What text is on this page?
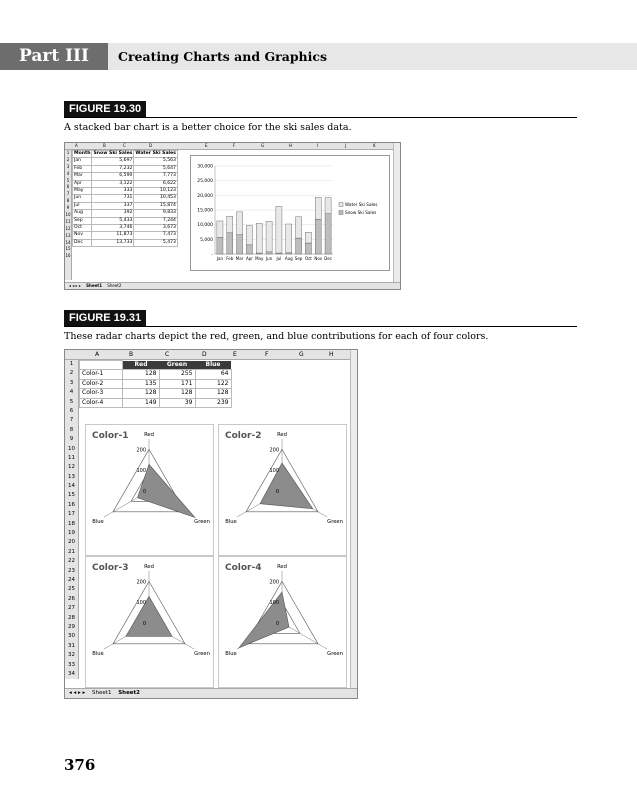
Part III	Creating Charts and Graphics
FIGURE 19.30
A stacked bar chart is a better choice for the ski sales data.
A	B	C	D	E	F	G	H	I	J	K
1
2
3
4
5
6
7
8
9
10
11
12
13
14
15
16
Month	Snow Ski Sales	Water Ski Sales
Jan	5,697	5,563
Feb	7,232	5,647
Mar	6,590	7,773
Apr	3,122	6,622
May	333	10,123
Jun	731	10,453
Jul	337	15,874
Aug	392	9,833
Sep	5,433	7,244
Oct	3,746	3,673
Nov	11,873	7,473
Dec	13,733	5,473
-
5,000
10,000
15,000
20,000
25,000
30,000
Jan Feb Mar Apr May Jun Jul Aug Sep Oct Nov Dec
Water Ski Sales
Snow Ski Sales
◂ ◂ ▸ ▸ Sheet1 Sheet2
FIGURE 19.31
These radar charts depict the red, green, and blue contributions for each of four colors.
A	B	C	D	E	F	G	H
1
2
3
4
5
6
7
8
9
10
11
12
13
14
15
16
17
18
19
20
21
22
23
24
25
26
27
28
29
30
31
32
33
34
	Red	Green	Blue
Color-1	128	255	64
Color-2	135	171	122
Color-3	128	128	128
Color-4	149	39	239
Color-1
0
100
200
Red
Green
Blue
Color-2
0
100
200
Red
Green
Blue
Color-3
0
100
200
Red
Green
Blue
Color-4
0
100
200
Red
Green
Blue
◂ ◂ ▸ ▸ Sheet1 Sheet2
376
